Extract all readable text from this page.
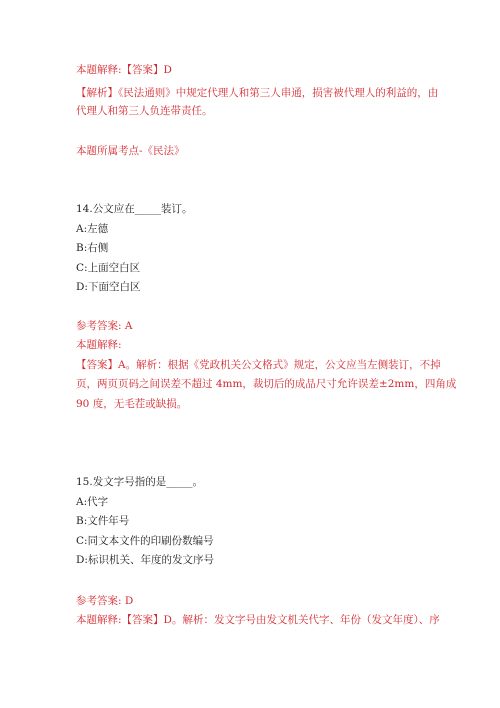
本题解释:【答案】D
【解析】《民法通则》中规定代理人和第三人串通，损害被代理人的利益的，由
代理人和第三人负连带责任。
本题所属考点-《民法》
14.公文应在_____装订。
A:左德
B:右侧
C:上面空白区
D:下面空白区
参考答案: A
本题解释:
【答案】A。解析：根据《党政机关公文格式》规定，公文应当左侧装订，不掉
页，两页页码之间误差不超过 4mm，裁切后的成品尺寸允许误差±2mm，四角成
90 度，无毛茬或缺损。
15.发文字号指的是_____。
A:代字
B:文件年号
C:同文本文件的印刷份数编号
D:标识机关、年度的发文序号
参考答案: D
本题解释:【答案】D。解析：发文字号由发文机关代字、年份（发文年度）、序
